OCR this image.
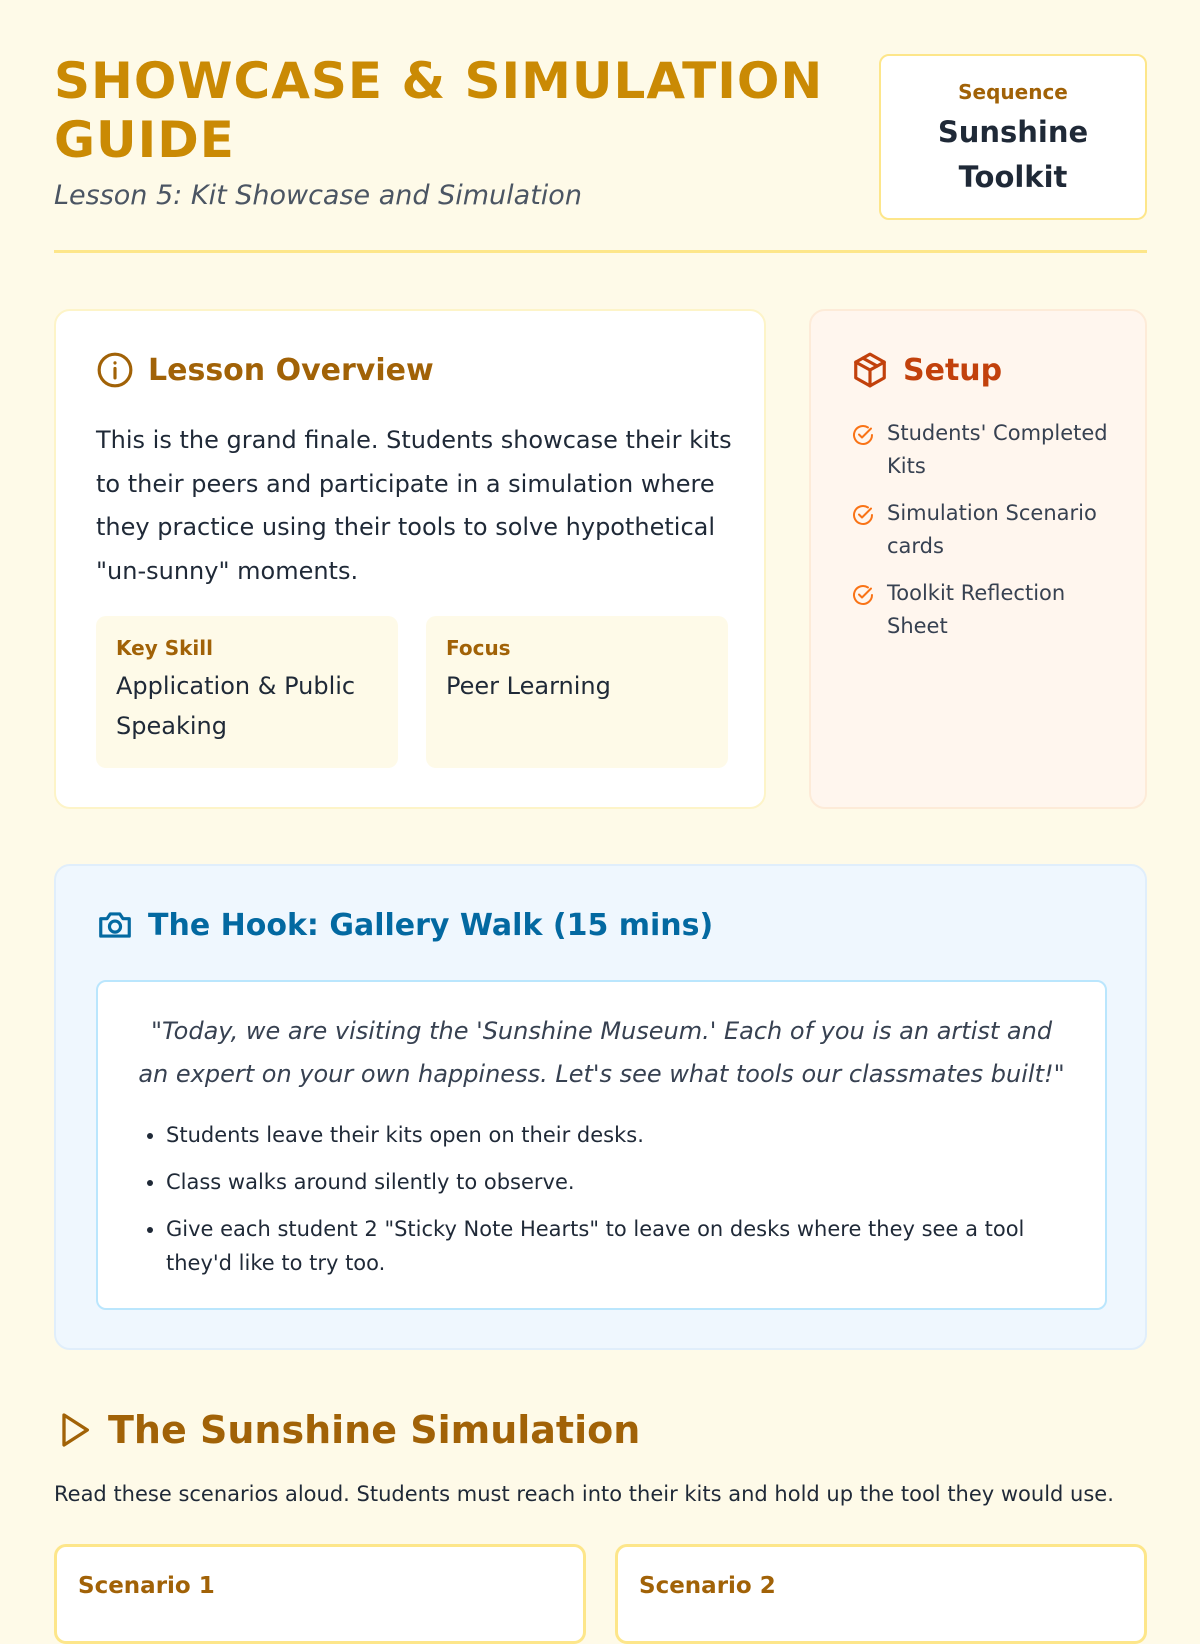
SHOWCASE & SIMULATION GUIDE

Lesson 5: Kit Showcase and Simulation

Sequence
Sunshine Toolkit
Lesson Overview

This is the grand finale. Students showcase their kits to their peers and participate in a simulation where they practice using their tools to solve hypothetical "un-sunny" moments.

Key Skill
Application & Public Speaking
Focus
Peer Learning
Setup
Students' Completed Kits
Simulation Scenario cards
Toolkit Reflection Sheet
The Hook: Gallery Walk (15 mins)

"Today, we are visiting the 'Sunshine Museum.' Each of you is an artist and an expert on your own happiness. Let's see what tools our classmates built!"

• Students leave their kits open on their desks.
• Class walks around silently to observe.
• Give each student 2 "Sticky Note Hearts" to leave on desks where they see a tool they'd like to try too.
The Sunshine Simulation

Read these scenarios aloud. Students must reach into their kits and hold up the tool they would use.

Scenario 1	Scenario 2
